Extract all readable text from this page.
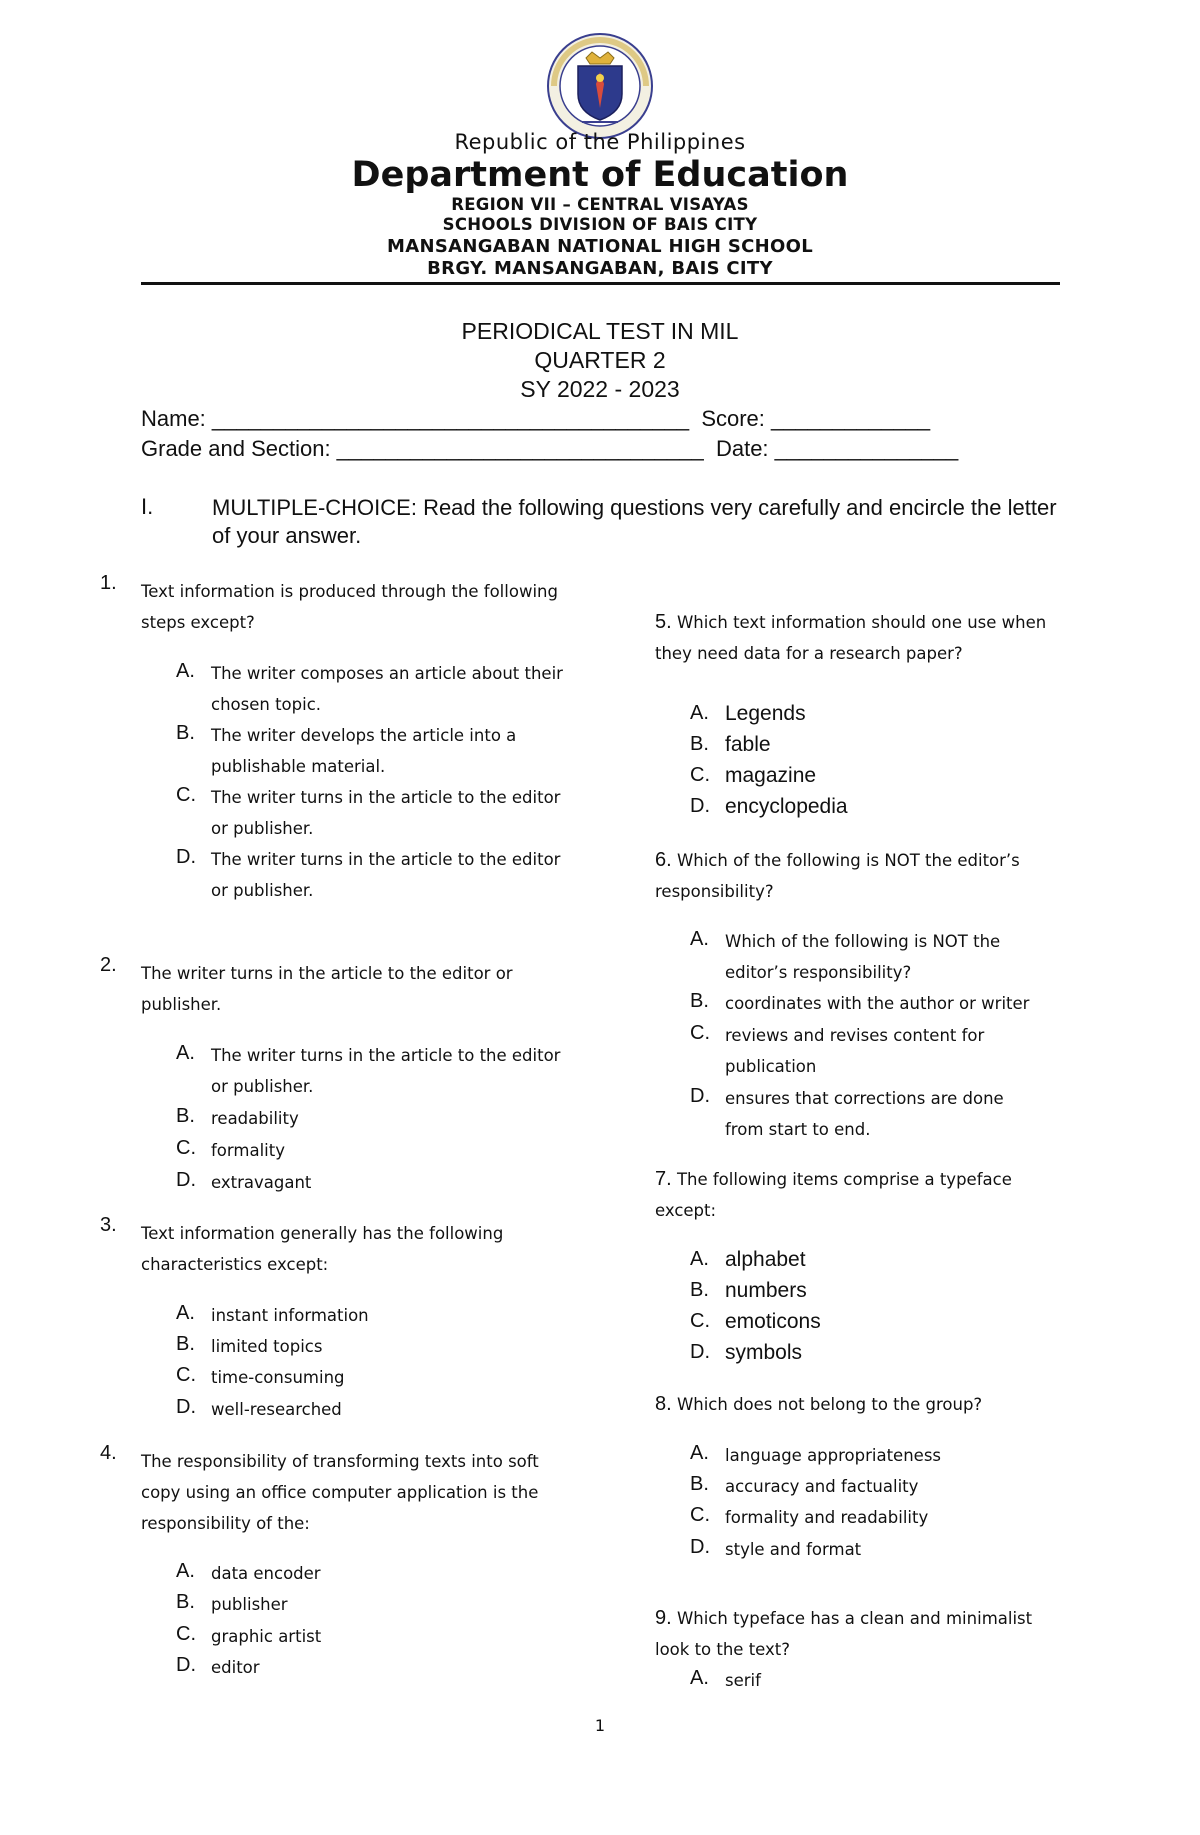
Republic of the Philippines
Department of Education
REGION VII – CENTRAL VISAYAS
SCHOOLS DIVISION OF BAIS CITY
MANSANGABAN NATIONAL HIGH SCHOOL
BRGY. MANSANGABAN, BAIS CITY
PERIODICAL TEST IN MIL
QUARTER 2
SY 2022 - 2023
Name: _______________________________________  Score: _____________
Grade and Section: ______________________________  Date: _______________
I.	MULTIPLE-CHOICE: Read the following questions very carefully and encircle the letter of your answer.
1. Text information is produced through the following steps except?
A. The writer composes an article about their chosen topic.
B. The writer develops the article into a publishable material.
C. The writer turns in the article to the editor or publisher.
D. The writer turns in the article to the editor or publisher.
2. The writer turns in the article to the editor or publisher.
A. The writer turns in the article to the editor or publisher.
B. readability
C. formality
D. extravagant
3. Text information generally has the following characteristics except:
A. instant information
B. limited topics
C. time-consuming
D. well-researched
4. The responsibility of transforming texts into soft copy using an office computer application is the responsibility of the:
A. data encoder
B. publisher
C. graphic artist
D. editor
5. Which text information should one use when they need data for a research paper?
A. Legends
B. fable
C. magazine
D. encyclopedia
6. Which of the following is NOT the editor’s responsibility?
A. Which of the following is NOT the editor’s responsibility?
B. coordinates with the author or writer
C. reviews and revises content for publication
D. ensures that corrections are done from start to end.
7. The following items comprise a typeface except:
A. alphabet
B. numbers
C. emoticons
D. symbols
8. Which does not belong to the group?
A. language appropriateness
B. accuracy and factuality
C. formality and readability
D. style and format
9. Which typeface has a clean and minimalist look to the text?
A. serif
1
